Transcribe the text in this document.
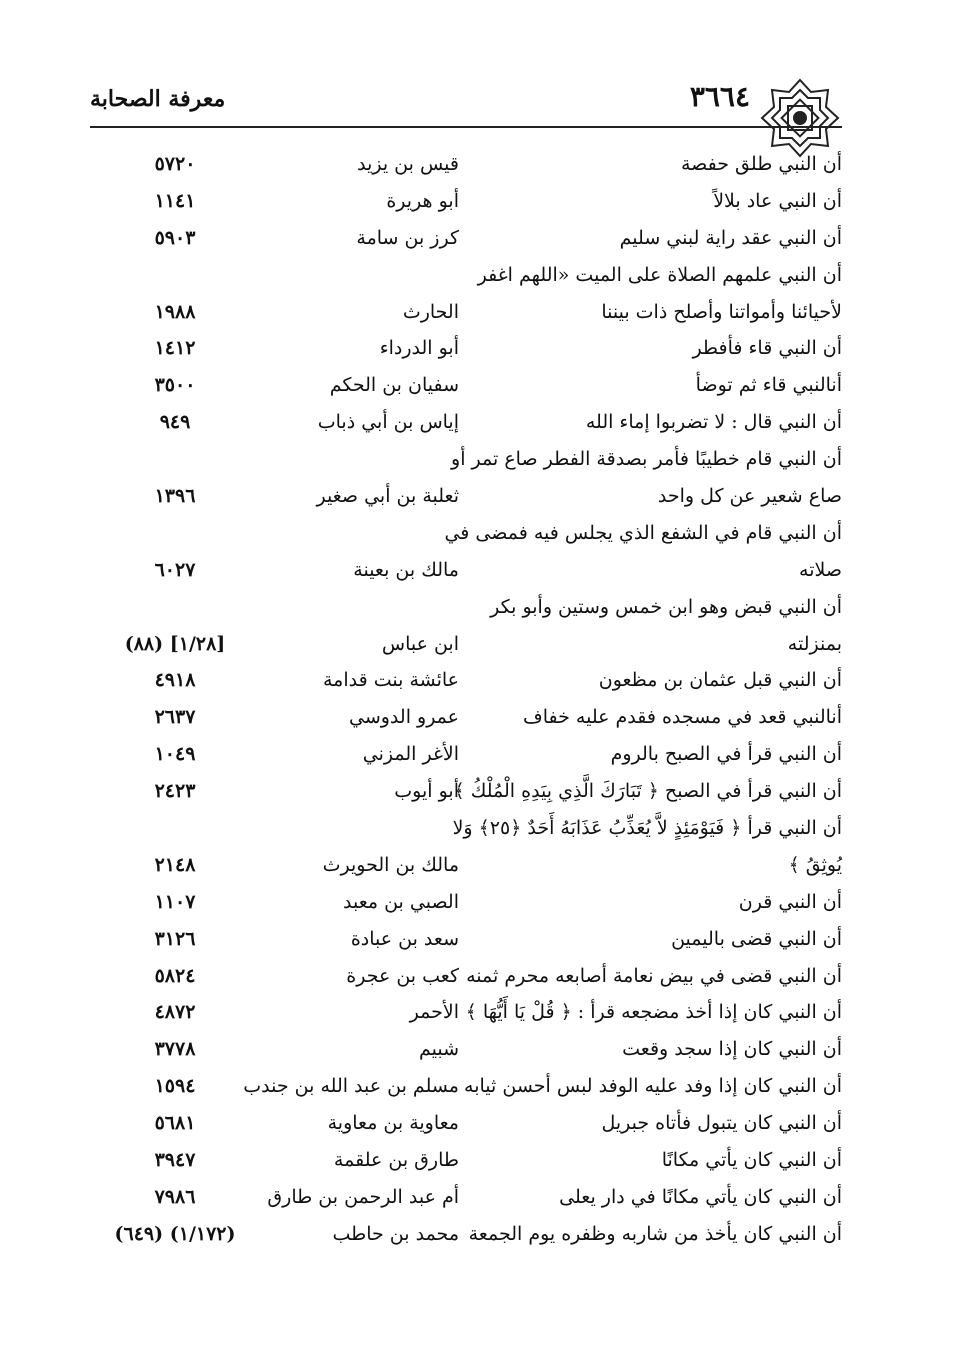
معرفة الصحابة	٣٦٦٤
أن النبي طلق حفصة
قيس بن يزيد
٥٧٢٠
أن النبي عاد بلالاً
أبو هريرة
١١٤١
أن النبي عقد راية لبني سليم
كرز بن سامة
٥٩٠٣
أن النبي علمهم الصلاة على الميت «اللهم اغفر
لأحيائنا وأمواتنا وأصلح ذات بيننا
الحارث
١٩٨٨
أن النبي قاء فأفطر
أبو الدرداء
١٤١٢
أنالنبي قاء ثم توضأ
سفيان بن الحكم
٣٥٠٠
أن النبي قال : لا تضربوا إماء الله
إياس بن أبي ذباب
٩٤٩
أن النبي قام خطيبًا فأمر بصدقة الفطر صاع تمر أو
صاع شعير عن كل واحد
ثعلبة بن أبي صغير
١٣٩٦
أن النبي قام في الشفع الذي يجلس فيه فمضى في
صلاته
مالك بن بعينة
٦٠٢٧
أن النبي قبض وهو ابن خمس وستين وأبو بكر
بمنزلته
ابن عباس
[١/٢٨] (٨٨)
أن النبي قبل عثمان بن مظعون
عائشة بنت قدامة
٤٩١٨
أنالنبي قعد في مسجده فقدم عليه خفاف
عمرو الدوسي
٢٦٣٧
أن النبي قرأ في الصبح بالروم
الأغر المزني
١٠٤٩
أن النبي قرأ في الصبح ﴿ تَبَارَكَ الَّذِي بِيَدِهِ الْمُلْكُ ﴾
أبو أيوب
٢٤٢٣
أن النبي قرأ ﴿ فَيَوْمَئِذٍ لاَّ يُعَذِّبُ عَذَابَهُ أَحَدٌ ﴿٢٥﴾ وَلا
يُوثِقُ ﴾
مالك بن الحويرث
٢١٤٨
أن النبي قرن
الصبي بن معبد
١١٠٧
أن النبي قضى باليمين
سعد بن عبادة
٣١٢٦
أن النبي قضى في بيض نعامة أصابعه محرم ثمنه
كعب بن عجرة
٥٨٢٤
أن النبي كان إذا أخذ مضجعه قرأ : ﴿ قُلْ يَا أَيُّهَا ﴾
الأحمر
٤٨٧٢
أن النبي كان إذا سجد وقعت
شبيم
٣٧٧٨
أن النبي كان إذا وفد عليه الوفد لبس أحسن ثيابه
مسلم بن عبد الله بن جندب
١٥٩٤
أن النبي كان يتبول فأتاه جبريل
معاوية بن معاوية
٥٦٨١
أن النبي كان يأتي مكانًا
طارق بن علقمة
٣٩٤٧
أن النبي كان يأتي مكانًا في دار يعلى
أم عبد الرحمن بن طارق
٧٩٨٦
أن النبي كان يأخذ من شاربه وظفره يوم الجمعة
محمد بن حاطب
(١/١٧٢) (٦٤٩)
